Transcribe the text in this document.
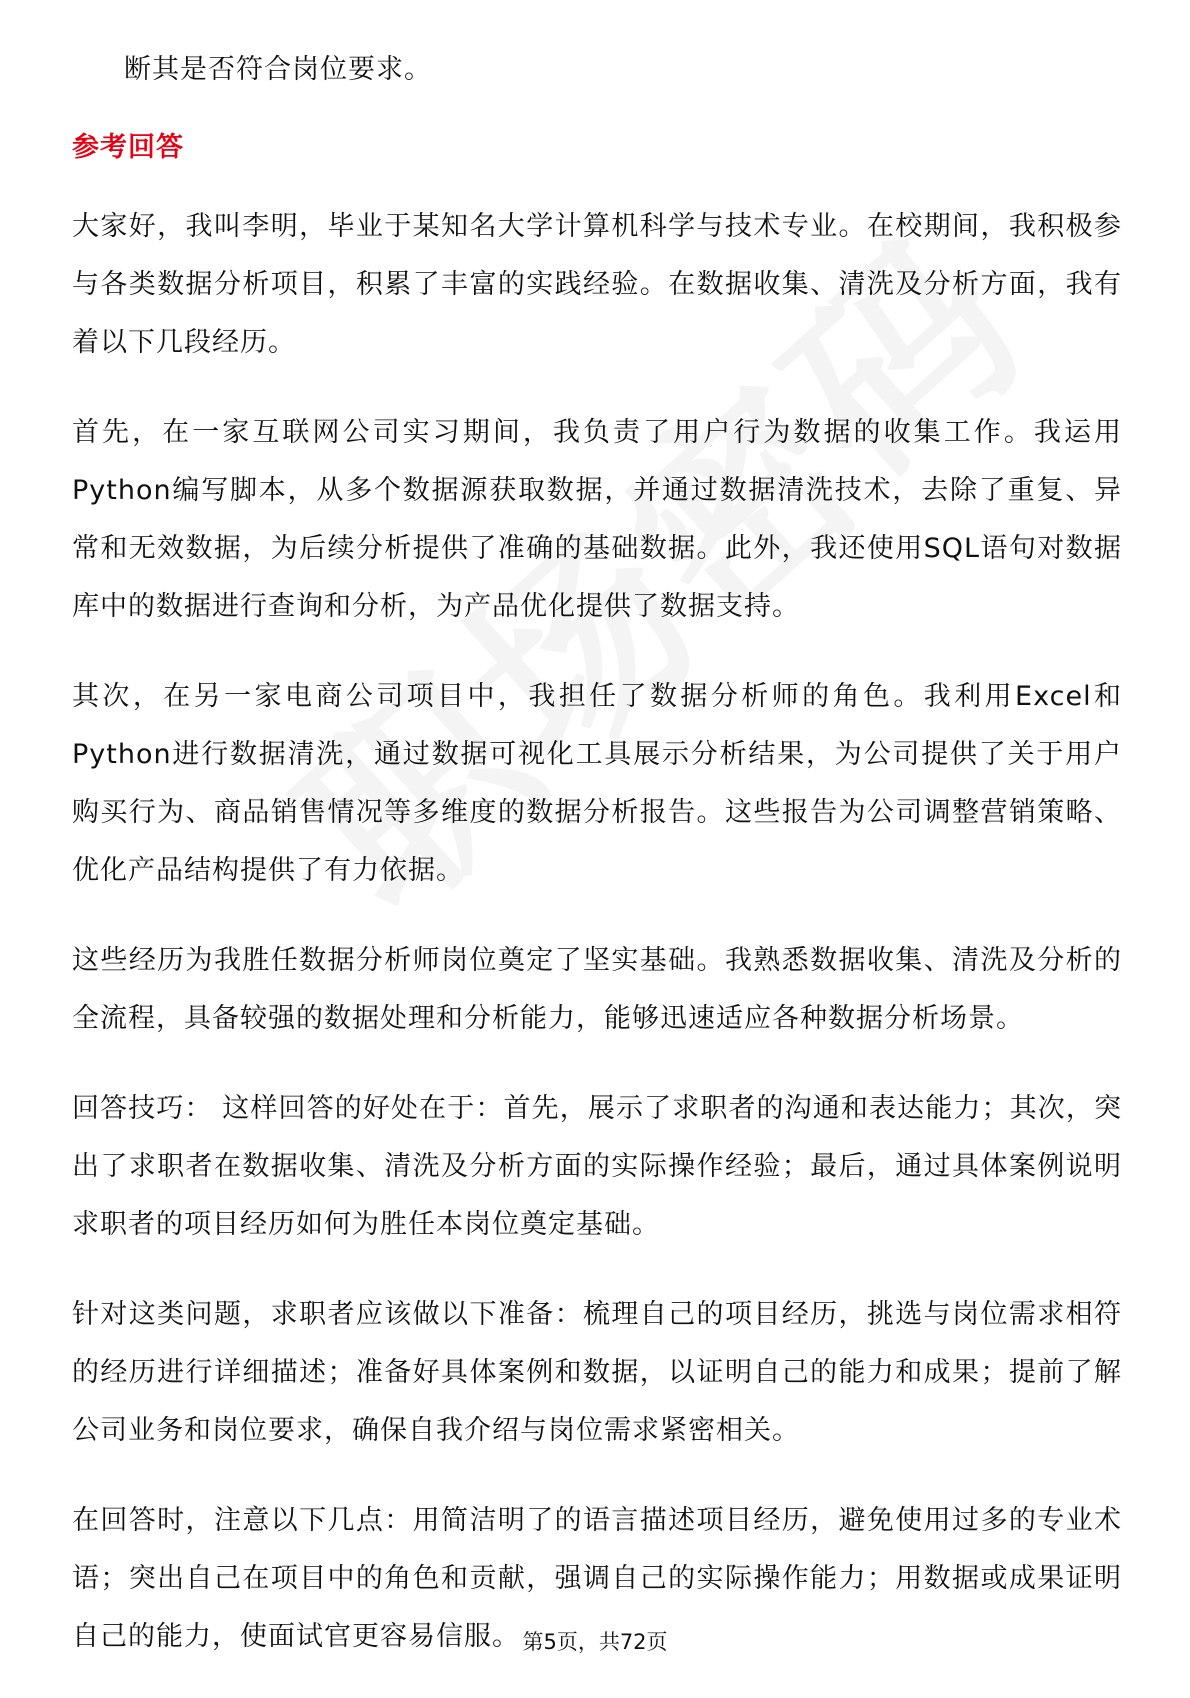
断其是否符合岗位要求。
参考回答

大家好，我叫李明，毕业于某知名大学计算机科学与技术专业。在校期间，我积极参与各类数据分析项目，积累了丰富的实践经验。在数据收集、清洗及分析方面，我有着以下几段经历。

首先，在一家互联网公司实习期间，我负责了用户行为数据的收集工作。我运用Python编写脚本，从多个数据源获取数据，并通过数据清洗技术，去除了重复、异常和无效数据，为后续分析提供了准确的基础数据。此外，我还使用SQL语句对数据库中的数据进行查询和分析，为产品优化提供了数据支持。

其次，在另一家电商公司项目中，我担任了数据分析师的角色。我利用Excel和Python进行数据清洗，通过数据可视化工具展示分析结果，为公司提供了关于用户购买行为、商品销售情况等多维度的数据分析报告。这些报告为公司调整营销策略、优化产品结构提供了有力依据。

这些经历为我胜任数据分析师岗位奠定了坚实基础。我熟悉数据收集、清洗及分析的全流程，具备较强的数据处理和分析能力，能够迅速适应各种数据分析场景。

回答技巧： 这样回答的好处在于：首先，展示了求职者的沟通和表达能力；其次，突出了求职者在数据收集、清洗及分析方面的实际操作经验；最后，通过具体案例说明求职者的项目经历如何为胜任本岗位奠定基础。

针对这类问题，求职者应该做以下准备：梳理自己的项目经历，挑选与岗位需求相符的经历进行详细描述；准备好具体案例和数据，以证明自己的能力和成果；提前了解公司业务和岗位要求，确保自我介绍与岗位需求紧密相关。

在回答时，注意以下几点：用简洁明了的语言描述项目经历，避免使用过多的专业术语；突出自己在项目中的角色和贡献，强调自己的实际操作能力；用数据或成果证明自己的能力，使面试官更容易信服。 第5页，共72页
